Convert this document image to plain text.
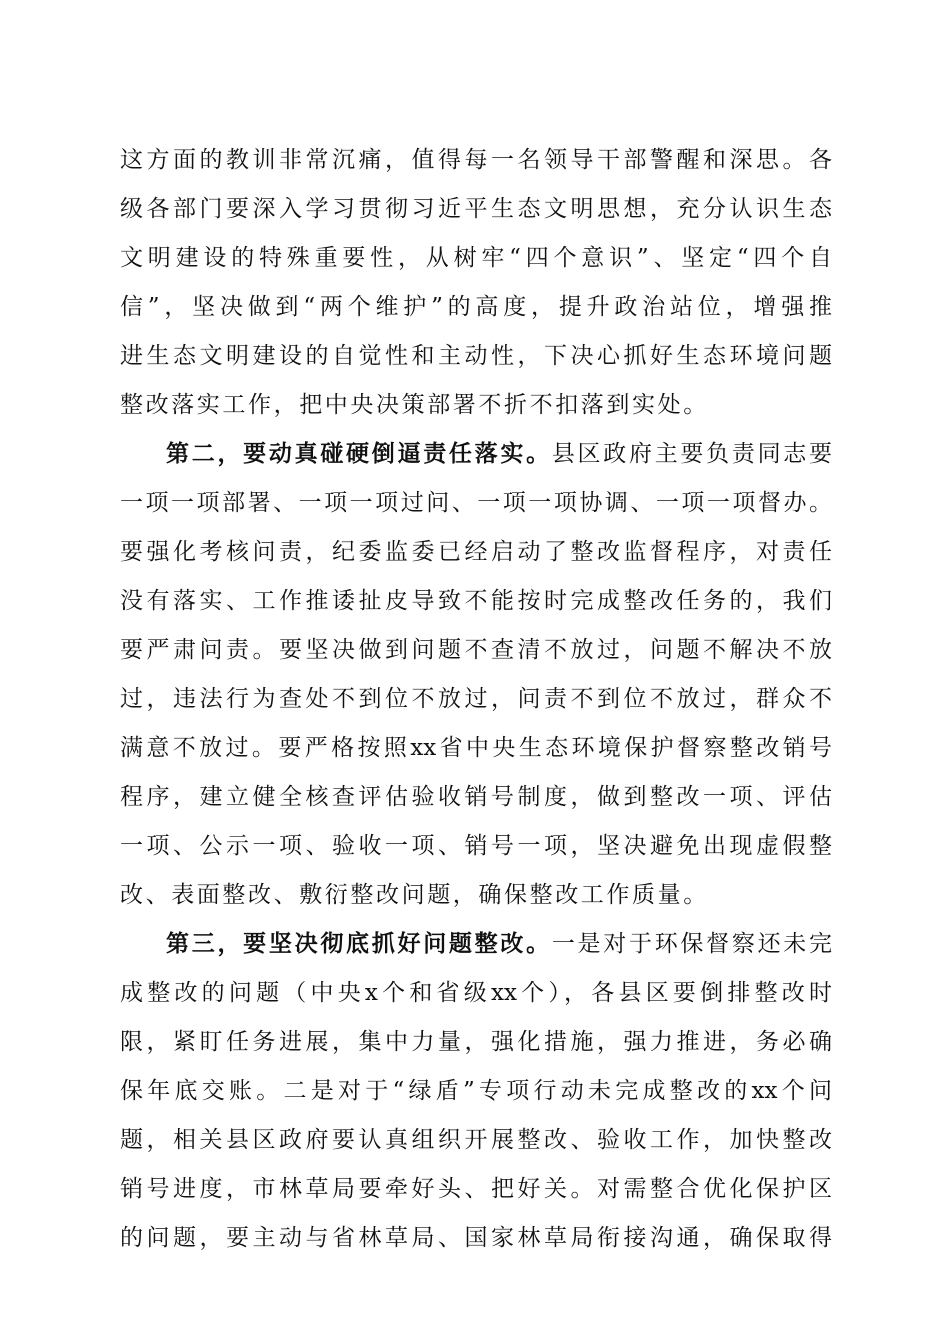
这方面的教训非常沉痛，值得每一名领导干部警醒和深思。各
级各部门要深入学习贯彻习近平生态文明思想，充分认识生态
文明建设的特殊重要性，从树牢“四个意识”、坚定“四个自
信”，坚决做到“两个维护”的高度，提升政治站位，增强推
进生态文明建设的自觉性和主动性，下决心抓好生态环境问题
整改落实工作，把中央决策部署不折不扣落到实处。
第二，要动真碰硬倒逼责任落实。县区政府主要负责同志要
一项一项部署、一项一项过问、一项一项协调、一项一项督办。
要强化考核问责，纪委监委已经启动了整改监督程序，对责任
没有落实、工作推诿扯皮导致不能按时完成整改任务的，我们
要严肃问责。要坚决做到问题不查清不放过，问题不解决不放
过，违法行为查处不到位不放过，问责不到位不放过，群众不
满意不放过。要严格按照xx省中央生态环境保护督察整改销号
程序，建立健全核查评估验收销号制度，做到整改一项、评估
一项、公示一项、验收一项、销号一项，坚决避免出现虚假整
改、表面整改、敷衍整改问题，确保整改工作质量。
第三，要坚决彻底抓好问题整改。一是对于环保督察还未完
成整改的问题（中央x个和省级xx个），各县区要倒排整改时
限，紧盯任务进展，集中力量，强化措施，强力推进，务必确
保年底交账。二是对于“绿盾”专项行动未完成整改的xx个问
题，相关县区政府要认真组织开展整改、验收工作，加快整改
销号进度，市林草局要牵好头、把好关。对需整合优化保护区
的问题，要主动与省林草局、国家林草局衔接沟通，确保取得
